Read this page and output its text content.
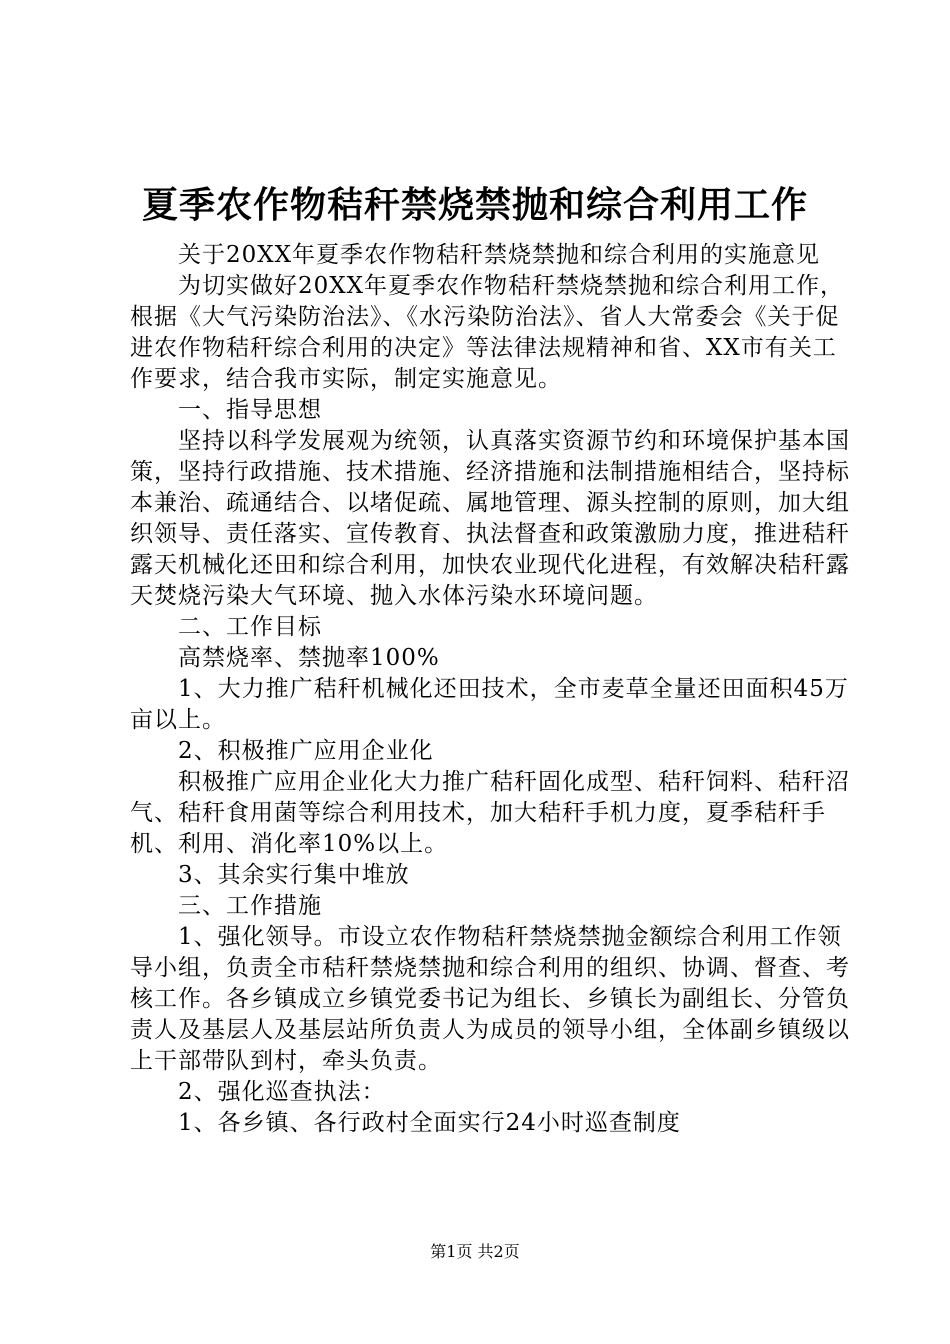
夏季农作物秸秆禁烧禁抛和综合利用工作

关于20XX年夏季农作物秸秆禁烧禁抛和综合利用的实施意见

为切实做好20XX年夏季农作物秸秆禁烧禁抛和综合利用工作，根据《大气污染防治法》、《水污染防治法》、省人大常委会《关于促进农作物秸秆综合利用的决定》等法律法规精神和省、XX市有关工作要求，结合我市实际，制定实施意见。

一、指导思想

坚持以科学发展观为统领，认真落实资源节约和环境保护基本国策，坚持行政措施、技术措施、经济措施和法制措施相结合，坚持标本兼治、疏通结合、以堵促疏、属地管理、源头控制的原则，加大组织领导、责任落实、宣传教育、执法督查和政策激励力度，推进秸秆露天机械化还田和综合利用，加快农业现代化进程，有效解决秸秆露天焚烧污染大气环境、抛入水体污染水环境问题。

二、工作目标

高禁烧率、禁抛率100%

1、大力推广秸秆机械化还田技术，全市麦草全量还田面积45万亩以上。

2、积极推广应用企业化

积极推广应用企业化大力推广秸秆固化成型、秸秆饲料、秸秆沼气、秸秆食用菌等综合利用技术，加大秸秆手机力度，夏季秸秆手机、利用、消化率10%以上。

3、其余实行集中堆放

三、工作措施

1、强化领导。市设立农作物秸秆禁烧禁抛金额综合利用工作领导小组，负责全市秸秆禁烧禁抛和综合利用的组织、协调、督查、考核工作。各乡镇成立乡镇党委书记为组长、乡镇长为副组长、分管负责人及基层人及基层站所负责人为成员的领导小组，全体副乡镇级以上干部带队到村，牵头负责。

2、强化巡查执法：

1、各乡镇、各行政村全面实行24小时巡查制度

第1页 共2页
